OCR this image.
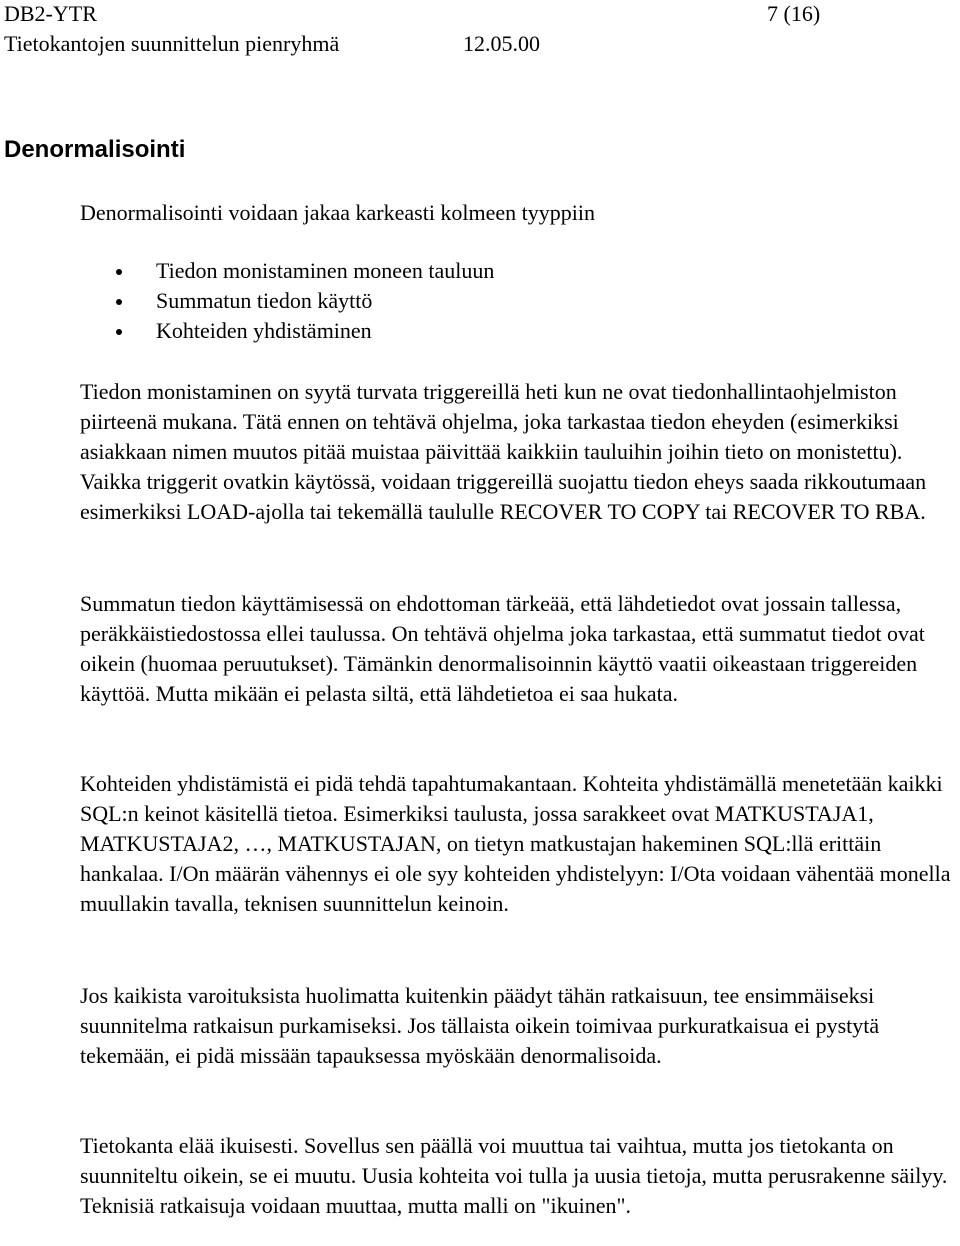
DB2-YTR	7 (16)
Tietokantojen suunnittelun pienryhmä	12.05.00
Denormalisointi

Denormalisointi voidaan jakaa karkeasti kolmeen tyyppiin

Tiedon monistaminen moneen tauluun
Summatun tiedon käyttö
Kohteiden yhdistäminen

Tiedon monistaminen on syytä turvata triggereillä heti kun ne ovat tiedonhallintaohjelmiston piirteenä mukana. Tätä ennen on tehtävä ohjelma, joka tarkastaa tiedon eheyden (esimerkiksi asiakkaan nimen muutos pitää muistaa päivittää kaikkiin tauluihin joihin tieto on monistettu). Vaikka triggerit ovatkin käytössä, voidaan triggereillä suojattu tiedon eheys saada rikkoutumaan esimerkiksi LOAD-ajolla tai tekemällä taululle RECOVER TO COPY tai RECOVER TO RBA.

Summatun tiedon käyttämisessä on ehdottoman tärkeää, että lähdetiedot ovat jossain tallessa, peräkkäistiedostossa ellei taulussa. On tehtävä ohjelma joka tarkastaa, että summatut tiedot ovat oikein (huomaa peruutukset). Tämänkin denormalisoinnin käyttö vaatii oikeastaan triggereiden käyttöä. Mutta mikään ei pelasta siltä, että lähdetietoa ei saa hukata.

Kohteiden yhdistämistä ei pidä tehdä tapahtumakantaan. Kohteita yhdistämällä menetetään kaikki SQL:n keinot käsitellä tietoa. Esimerkiksi taulusta, jossa sarakkeet ovat MATKUSTAJA1, MATKUSTAJA2, …, MATKUSTAJAN, on tietyn matkustajan hakeminen SQL:llä erittäin hankalaa. I/On määrän vähennys ei ole syy kohteiden yhdistelyyn: I/Ota voidaan vähentää monella muullakin tavalla, teknisen suunnittelun keinoin.

Jos kaikista varoituksista huolimatta kuitenkin päädyt tähän ratkaisuun, tee ensimmäiseksi suunnitelma ratkaisun purkamiseksi. Jos tällaista oikein toimivaa purkuratkaisua ei pystytä tekemään, ei pidä missään tapauksessa myöskään denormalisoida.

Tietokanta elää ikuisesti. Sovellus sen päällä voi muuttua tai vaihtua, mutta jos tietokanta on suunniteltu oikein, se ei muutu. Uusia kohteita voi tulla ja uusia tietoja, mutta perusrakenne säilyy. Teknisiä ratkaisuja voidaan muuttaa, mutta malli on "ikuinen".
